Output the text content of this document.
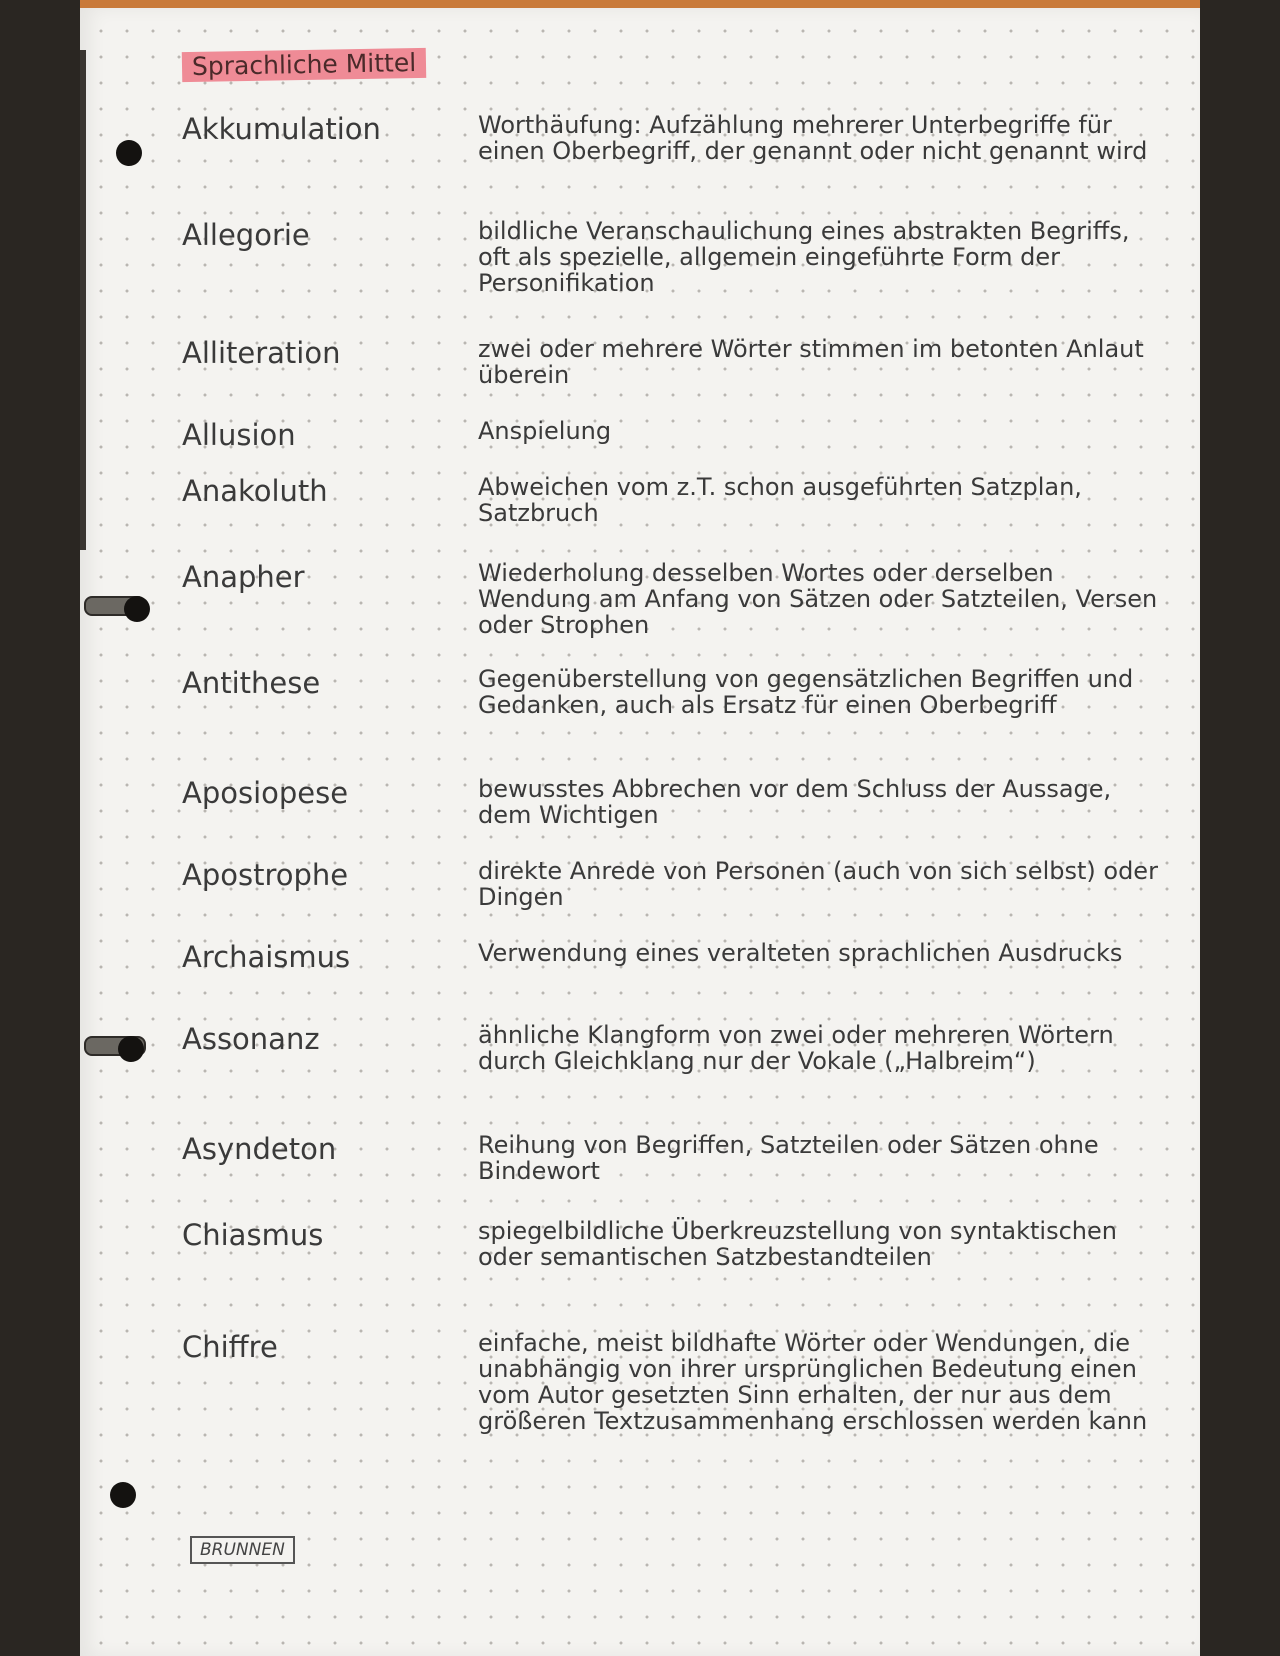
Sprachliche Mittel
Akkumulation	Worthäufung: Aufzählung mehrerer Unterbegriffe für einen Oberbegriff, der genannt oder nicht genannt wird
Allegorie	bildliche Veranschaulichung eines abstrakten Begriffs, oft als spezielle, allgemein eingeführte Form der Personifikation
Alliteration	zwei oder mehrere Wörter stimmen im betonten Anlaut überein
Allusion	Anspielung
Anakoluth	Abweichen vom z.T. schon ausgeführten Satzplan, Satzbruch
Anapher	Wiederholung desselben Wortes oder derselben Wendung am Anfang von Sätzen oder Satzteilen, Versen oder Strophen
Antithese	Gegenüberstellung von gegensätzlichen Begriffen und Gedanken, auch als Ersatz für einen Oberbegriff
Aposiopese	bewusstes Abbrechen vor dem Schluss der Aussage, dem Wichtigen
Apostrophe	direkte Anrede von Personen (auch von sich selbst) oder Dingen
Archaismus	Verwendung eines veralteten sprachlichen Ausdrucks
Assonanz	ähnliche Klangform von zwei oder mehreren Wörtern durch Gleichklang nur der Vokale („Halbreim“)
Asyndeton	Reihung von Begriffen, Satzteilen oder Sätzen ohne Bindewort
Chiasmus	spiegelbildliche Überkreuzstellung von syntaktischen oder semantischen Satzbestandteilen
Chiffre	einfache, meist bildhafte Wörter oder Wendungen, die unabhängig von ihrer ursprünglichen Bedeutung einen vom Autor gesetzten Sinn erhalten, der nur aus dem größeren Textzusammenhang erschlossen werden kann
BRUNNEN
